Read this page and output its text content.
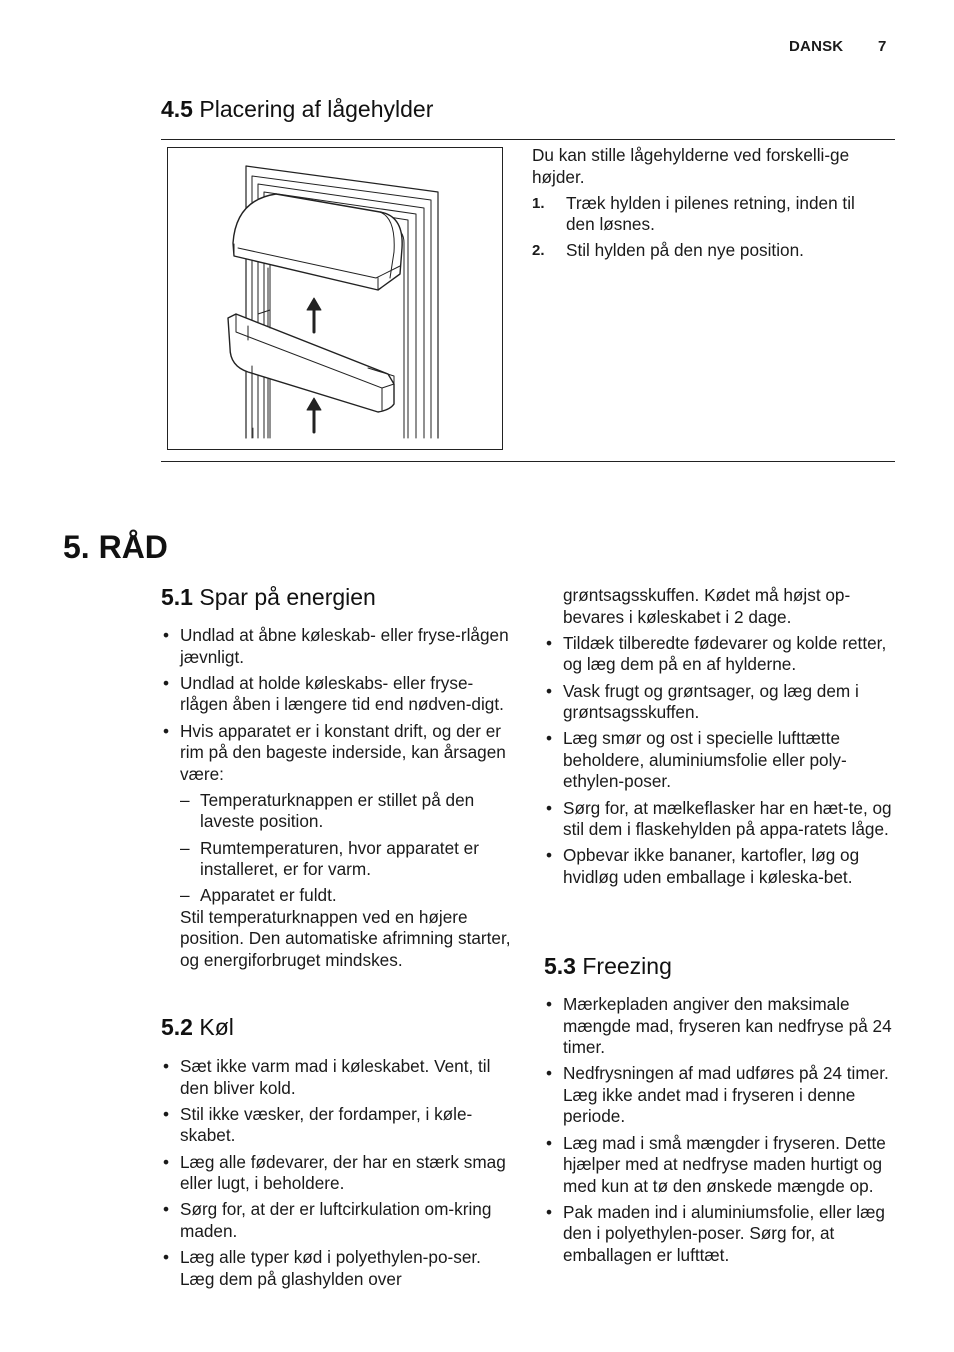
DANSK 7
4.5 Placering af lågehylder

Du kan stille lågehylderne ved forskelli-ge højder.

1. Træk hylden i pilenes retning, inden til den løsnes.
2. Stil hylden på den nye position.
5. RÅD
5.1 Spar på energien
• Undlad at åbne køleskab- eller fryse-rlågen jævnligt.
• Undlad at holde køleskabs- eller fryse-rlågen åben i længere tid end nødven-digt.
• Hvis apparatet er i konstant drift, og der er rim på den bageste inderside, kan årsagen være:
– Temperaturknappen er stillet på den laveste position.
– Rumtemperaturen, hvor apparatet er installeret, er for varm.
– Apparatet er fuldt.
Stil temperaturknappen ved en højere position. Den automatiske afrimning starter, og energiforbruget mindskes.
5.2 Køl
• Sæt ikke varm mad i køleskabet. Vent, til den bliver kold.
• Stil ikke væsker, der fordamper, i køle-skabet.
• Læg alle fødevarer, der har en stærk smag eller lugt, i beholdere.
• Sørg for, at der er luftcirkulation om-kring maden.
• Læg alle typer kød i polyethylen-po-ser. Læg dem på glashylden over

grøntsagsskuffen. Kødet må højst op-bevares i køleskabet i 2 dage.

• Tildæk tilberedte fødevarer og kolde retter, og læg dem på en af hylderne.
• Vask frugt og grøntsager, og læg dem i grøntsagsskuffen.
• Læg smør og ost i specielle lufttætte beholdere, aluminiumsfolie eller poly-ethylen-poser.
• Sørg for, at mælkeflasker har en hæt-te, og stil dem i flaskehylden på appa-ratets låge.
• Opbevar ikke bananer, kartofler, løg og hvidløg uden emballage i køleska-bet.
5.3 Freezing
• Mærkepladen angiver den maksimale mængde mad, fryseren kan nedfryse på 24 timer.
• Nedfrysningen af mad udføres på 24 timer. Læg ikke andet mad i fryseren i denne periode.
• Læg mad i små mængder i fryseren. Dette hjælper med at nedfryse maden hurtigt og med kun at tø den ønskede mængde op.
• Pak maden ind i aluminiumsfolie, eller læg den i polyethylen-poser. Sørg for, at emballagen er lufttæt.
